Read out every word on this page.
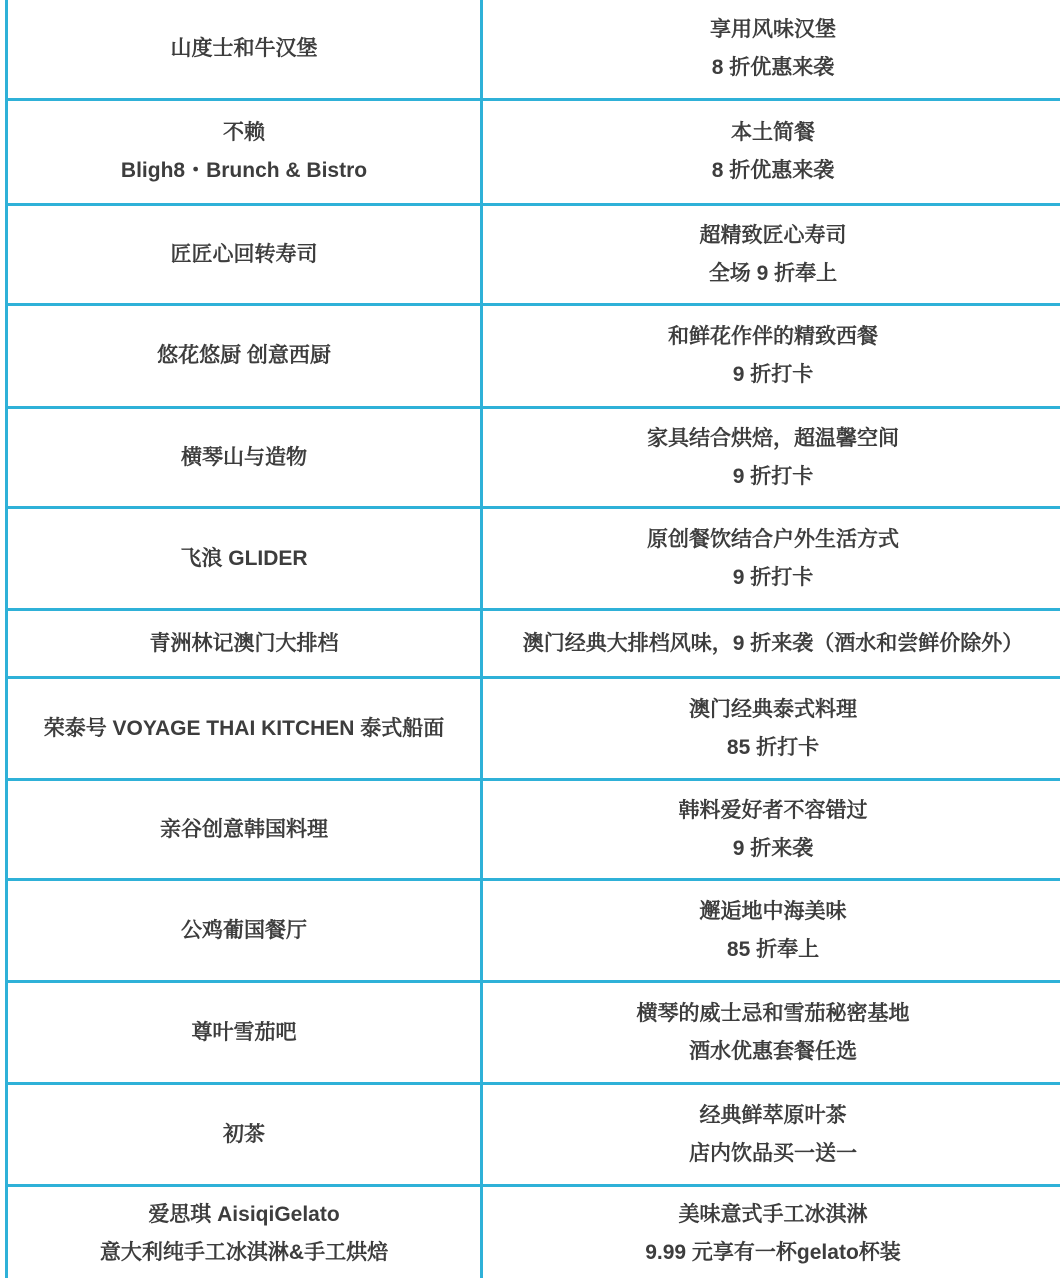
山度士和牛汉堡
享用风味汉堡
8 折优惠来袭
不赖
Bligh8・Brunch & Bistro
本土简餐
8 折优惠来袭
匠匠心回转寿司
超精致匠心寿司
全场 9 折奉上
悠花悠厨 创意西厨
和鲜花作伴的精致西餐
9 折打卡
横琴山与造物
家具结合烘焙，超温馨空间
9 折打卡
飞浪 GLIDER
原创餐饮结合户外生活方式
9 折打卡
青洲林记澳门大排档	澳门经典大排档风味，9 折来袭（酒水和尝鲜价除外）
荣泰号 VOYAGE THAI KITCHEN 泰式船面
澳门经典泰式料理
85 折打卡
亲谷创意韩国料理
韩料爱好者不容错过
9 折来袭
公鸡葡国餐厅
邂逅地中海美味
85 折奉上
尊叶雪茄吧
横琴的威士忌和雪茄秘密基地
酒水优惠套餐任选
初茶
经典鲜萃原叶茶
店内饮品买一送一
爱思琪 AisiqiGelato
意大利纯手工冰淇淋&手工烘焙
美味意式手工冰淇淋
9.99 元享有一杯gelato杯装
